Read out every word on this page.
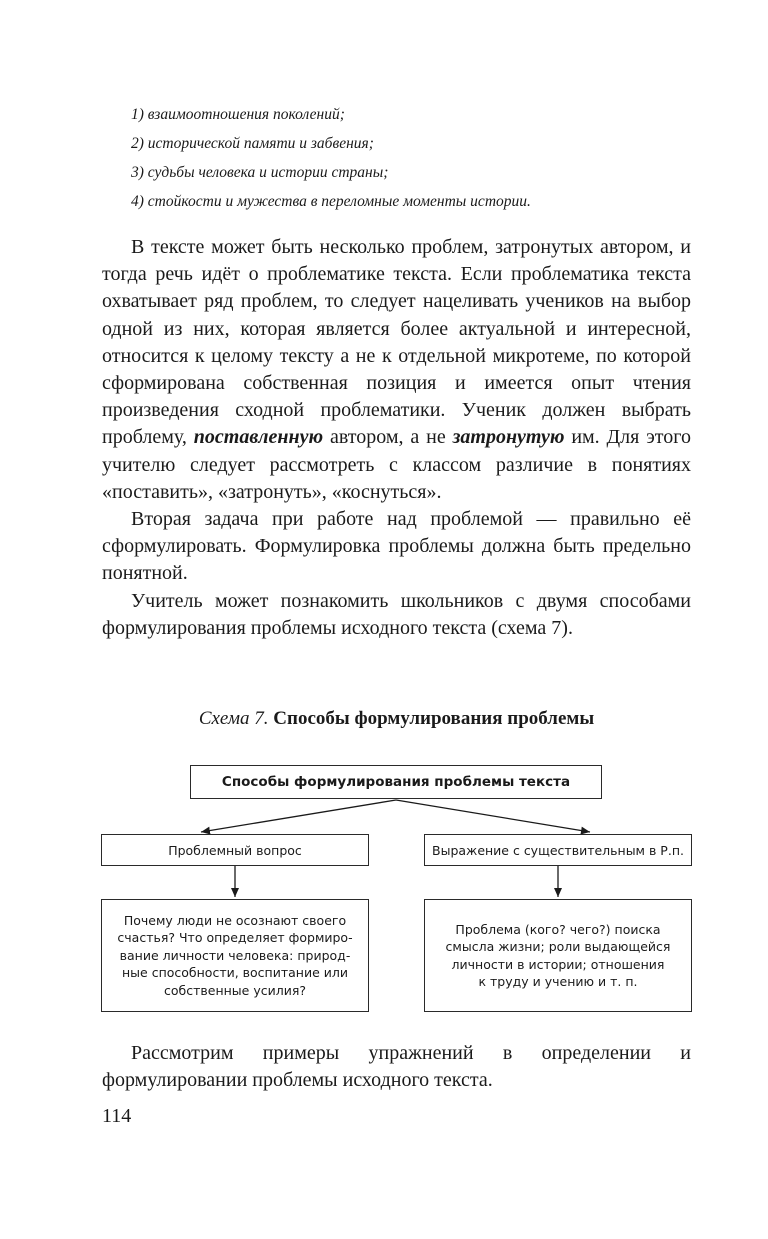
1) взаимоотношения поколений;
2) исторической памяти и забвения;
3) судьбы человека и истории страны;
4) стойкости и мужества в переломные моменты истории.

В тексте может быть несколько проблем, затронутых автором, и тогда речь идёт о проблематике текста. Если проблематика текста охватывает ряд проблем, то следует нацеливать учеников на выбор одной из них, которая является более актуальной и интересной, относится к целому тексту а не к отдельной микротеме, по которой сформирована собственная позиция и имеется опыт чтения произведения сходной проблематики. Ученик должен выбрать проблему, поставленную автором, а не затронутую им. Для этого учителю следует рассмотреть с классом различие в понятиях «поставить», «затронуть», «коснуться».

Вторая задача при работе над проблемой — правильно её сформулировать. Формулировка проблемы должна быть предельно понятной.

Учитель может познакомить школьников с двумя способами формулирования проблемы исходного текста (схема 7).

Схема 7. Способы формулирования проблемы
Способы формулирования проблемы текста
Проблемный вопрос	Выражение с существительным в Р.п.
Почему люди не осознают своего
счастья? Что определяет формиро-
вание личности человека: природ-
ные способности, воспитание или
собственные усилия?
Проблема (кого? чего?) поиска
смысла жизни; роли выдающейся
личности в истории; отношения
к труду и учению и т. п.

Рассмотрим примеры упражнений в определении и формулировании проблемы исходного текста.

114
